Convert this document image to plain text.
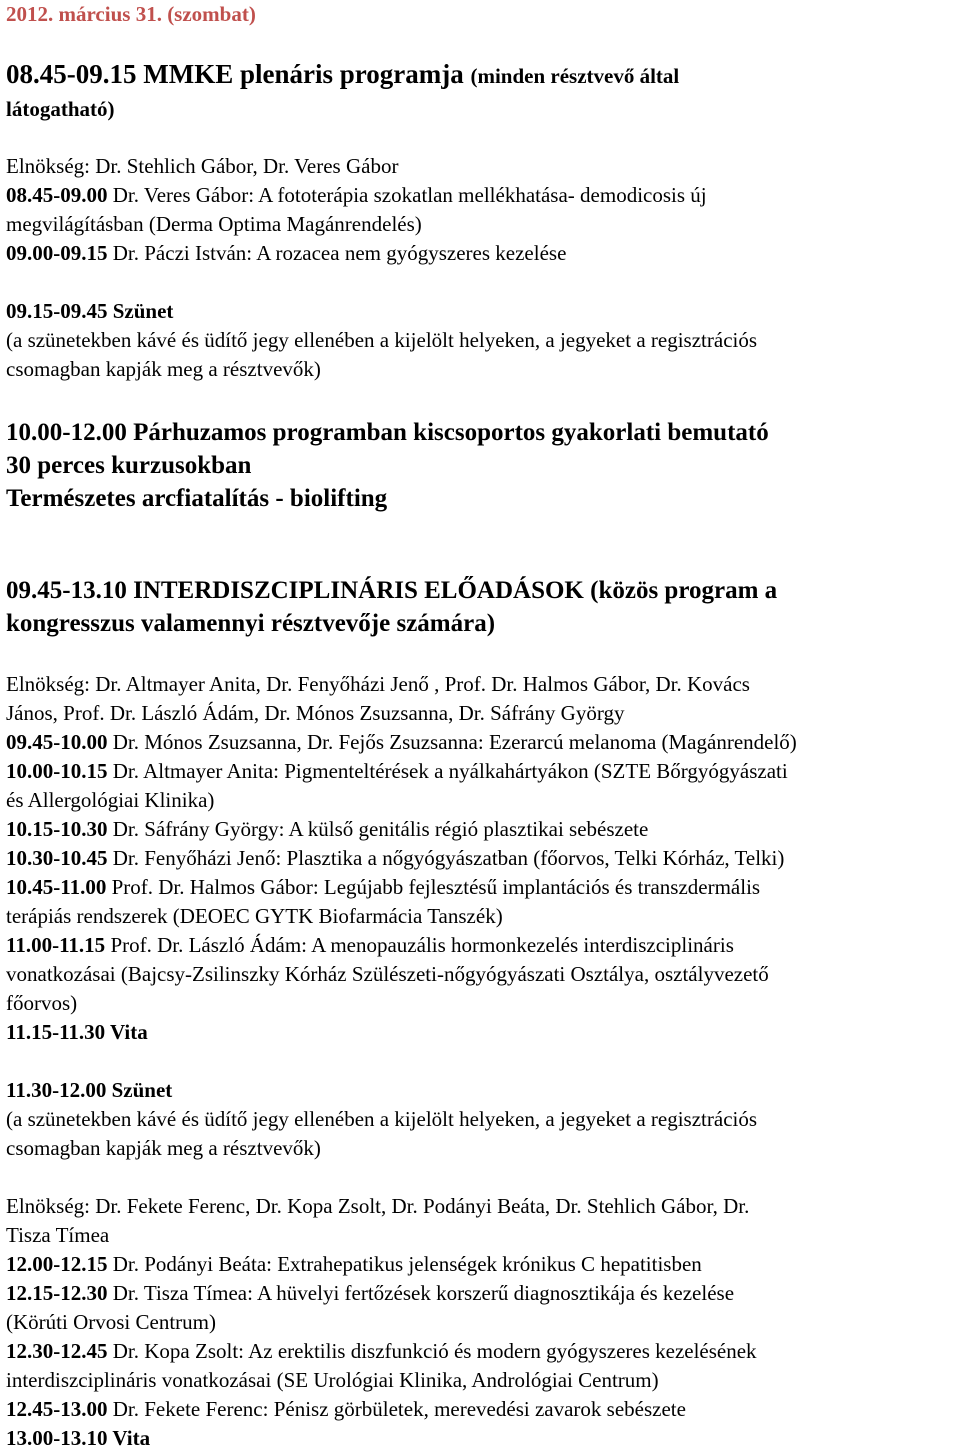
2012. március 31. (szombat)
08.45-09.15 MMKE plenáris programja (minden résztvevő által
látogatható)
Elnökség: Dr. Stehlich Gábor, Dr. Veres Gábor
08.45-09.00 Dr. Veres Gábor: A fototerápia szokatlan mellékhatása- demodicosis új
megvilágításban (Derma Optima Magánrendelés)
09.00-09.15 Dr. Páczi István: A rozacea nem gyógyszeres kezelése
09.15-09.45 Szünet
(a szünetekben kávé és üdítő jegy ellenében a kijelölt helyeken, a jegyeket a regisztrációs
csomagban kapják meg a résztvevők)
10.00-12.00 Párhuzamos programban kiscsoportos gyakorlati bemutató
30 perces kurzusokban
Természetes arcfiatalítás - biolifting
09.45-13.10 INTERDISZCIPLINÁRIS ELŐADÁSOK (közös program a
kongresszus valamennyi résztvevője számára)
Elnökség: Dr. Altmayer Anita, Dr. Fenyőházi Jenő , Prof. Dr. Halmos Gábor, Dr. Kovács
János, Prof. Dr. László Ádám, Dr. Mónos Zsuzsanna, Dr. Sáfrány György
09.45-10.00 Dr. Mónos Zsuzsanna, Dr. Fejős Zsuzsanna: Ezerarcú melanoma (Magánrendelő)
10.00-10.15 Dr. Altmayer Anita: Pigmenteltérések a nyálkahártyákon (SZTE Bőrgyógyászati
és Allergológiai Klinika)
10.15-10.30 Dr. Sáfrány György: A külső genitális régió plasztikai sebészete
10.30-10.45 Dr. Fenyőházi Jenő: Plasztika a nőgyógyászatban (főorvos, Telki Kórház, Telki)
10.45-11.00 Prof. Dr. Halmos Gábor: Legújabb fejlesztésű implantációs és transzdermális
terápiás rendszerek (DEOEC GYTK Biofarmácia Tanszék)
11.00-11.15 Prof. Dr. László Ádám: A menopauzális hormonkezelés interdiszciplináris
vonatkozásai (Bajcsy-Zsilinszky Kórház Szülészeti-nőgyógyászati Osztálya, osztályvezető
főorvos)
11.15-11.30 Vita
11.30-12.00 Szünet
(a szünetekben kávé és üdítő jegy ellenében a kijelölt helyeken, a jegyeket a regisztrációs
csomagban kapják meg a résztvevők)
Elnökség: Dr. Fekete Ferenc, Dr. Kopa Zsolt, Dr. Podányi Beáta, Dr. Stehlich Gábor, Dr.
Tisza Tímea
12.00-12.15 Dr. Podányi Beáta: Extrahepatikus jelenségek krónikus C hepatitisben
12.15-12.30 Dr. Tisza Tímea: A hüvelyi fertőzések korszerű diagnosztikája és kezelése
(Körúti Orvosi Centrum)
12.30-12.45 Dr. Kopa Zsolt: Az erektilis diszfunkció és modern gyógyszeres kezelésének
interdiszciplináris vonatkozásai (SE Urológiai Klinika, Andrológiai Centrum)
12.45-13.00 Dr. Fekete Ferenc: Pénisz görbületek, merevedési zavarok sebészete
13.00-13.10 Vita
